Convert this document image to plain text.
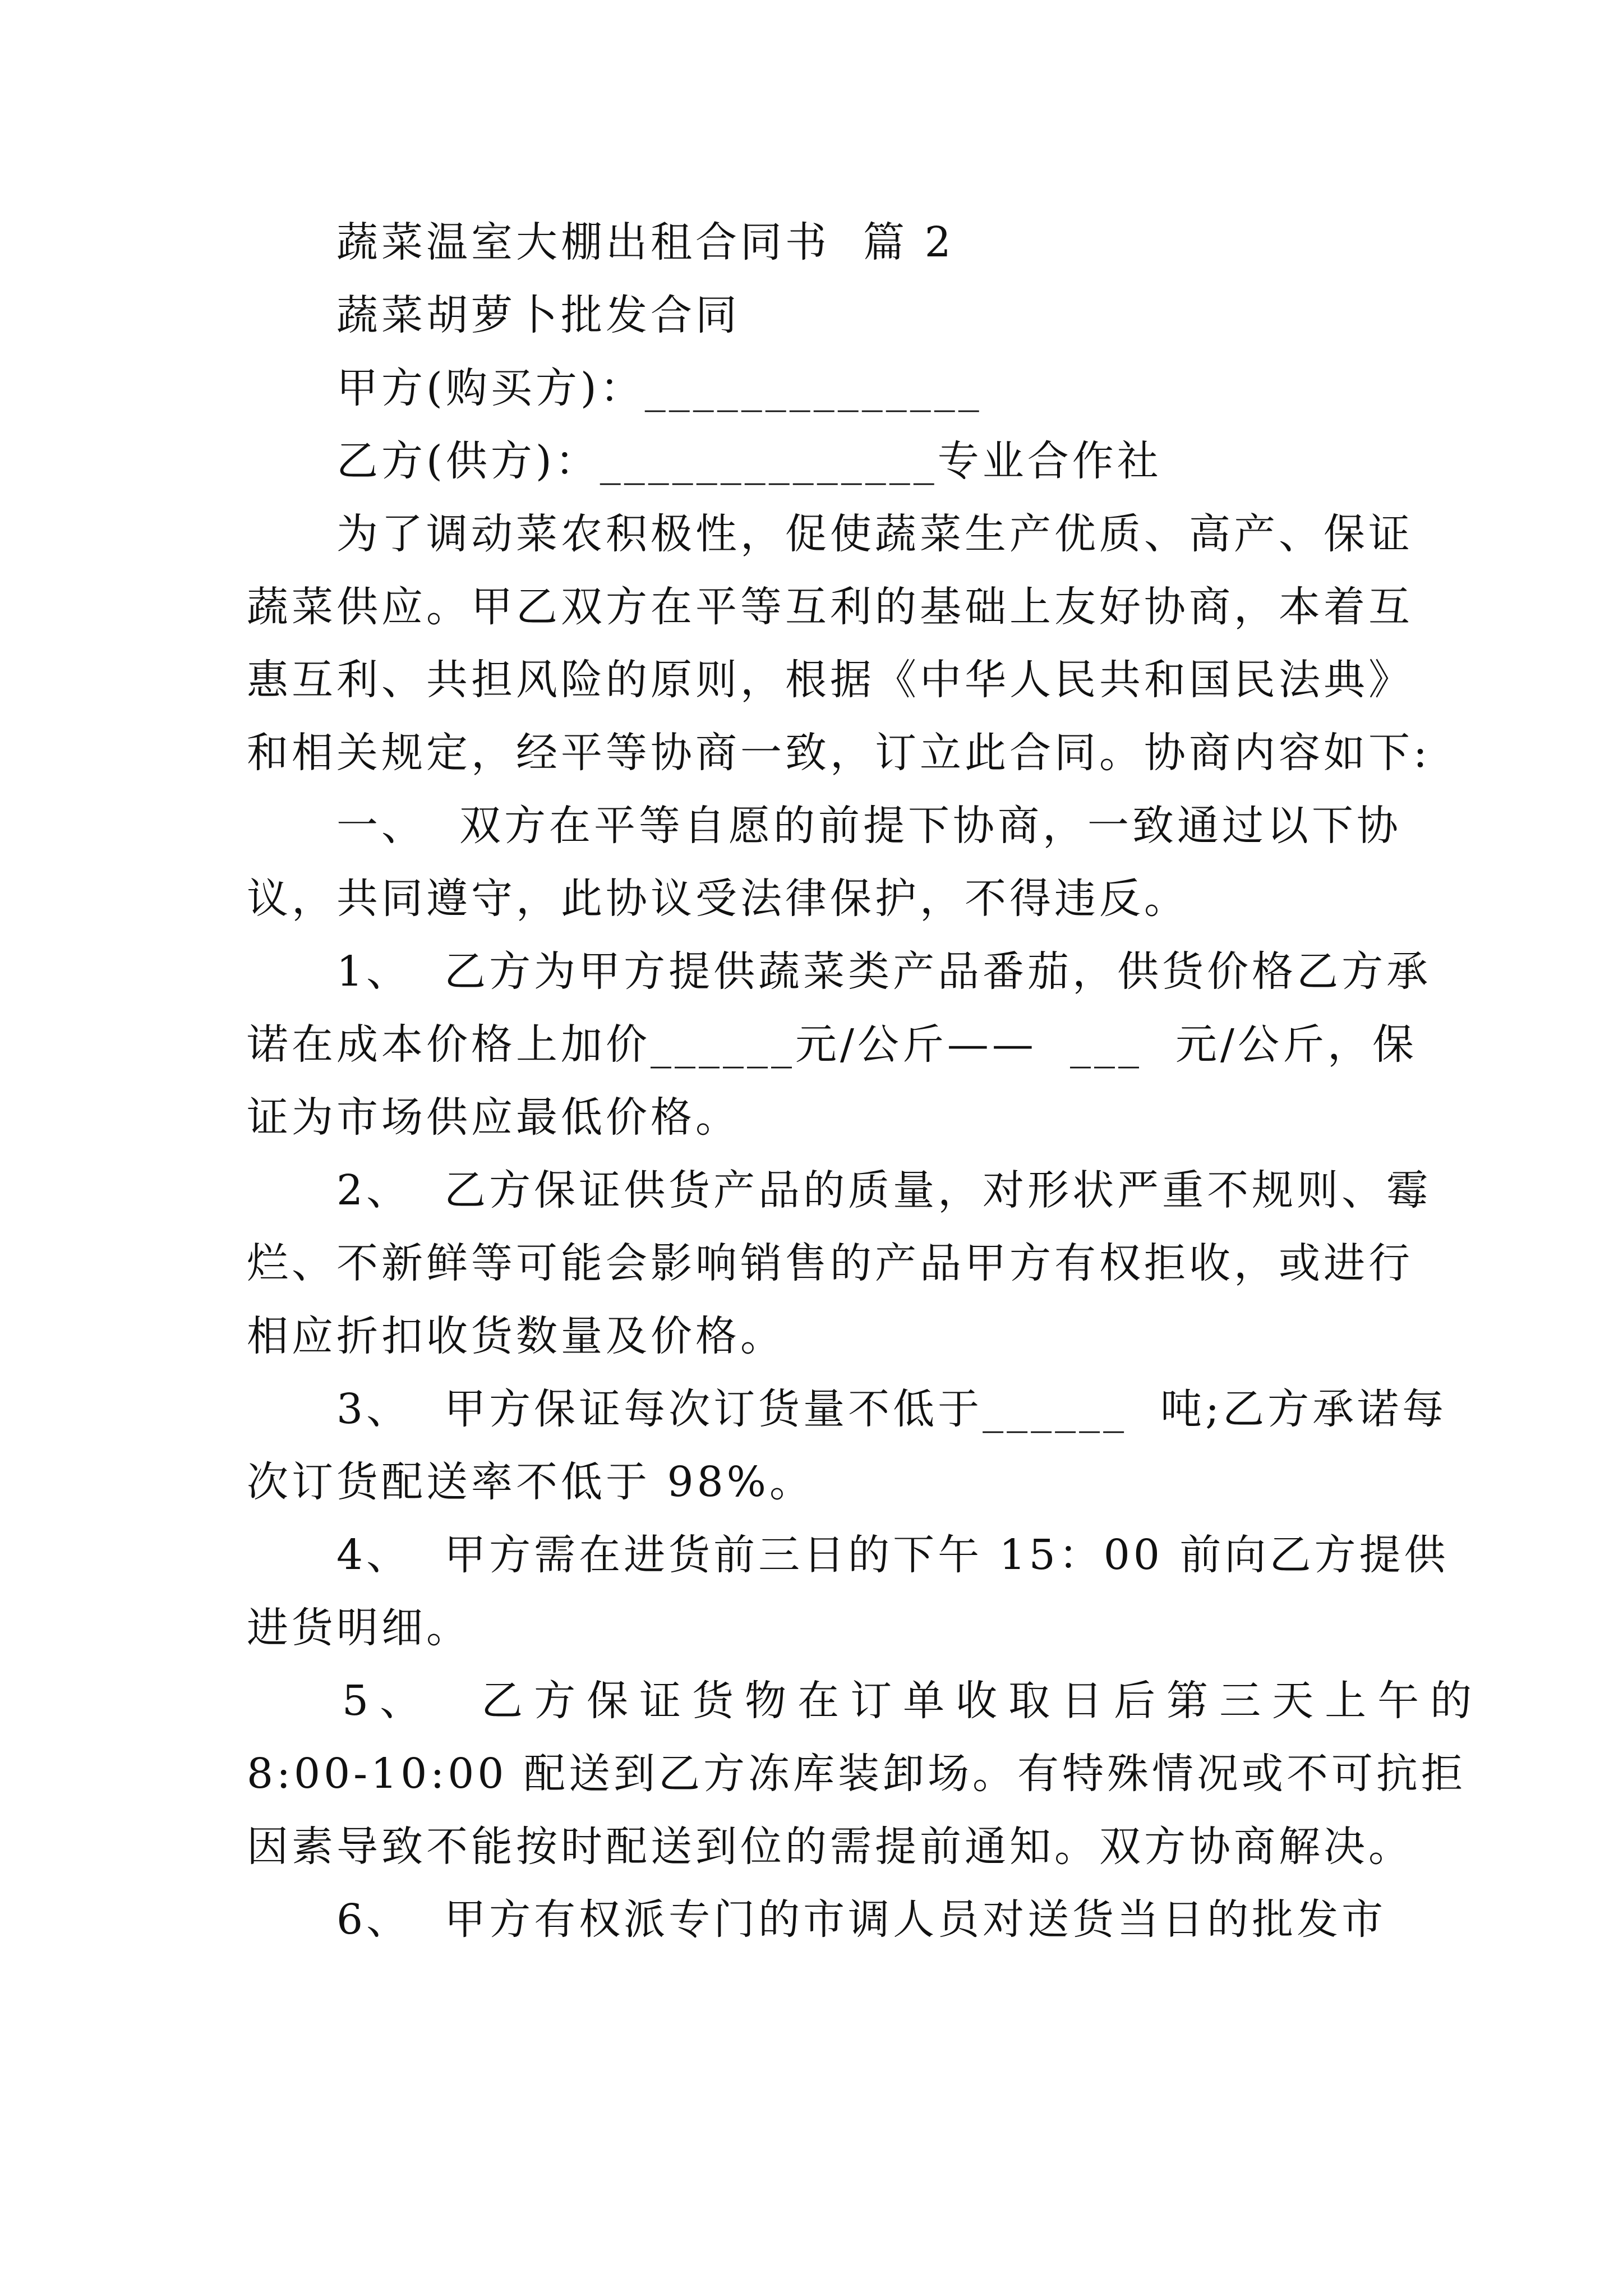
蔬菜温室大棚出租合同书  篇 2
蔬菜胡萝卜批发合同
甲方(购买方)：______________
乙方(供方)：______________专业合作社
为了调动菜农积极性，促使蔬菜生产优质、高产、保证
蔬菜供应。甲乙双方在平等互利的基础上友好协商，本着互
惠互利、共担风险的原则，根据《中华人民共和国民法典》
和相关规定，经平等协商一致，订立此合同。协商内容如下:
一、  双方在平等自愿的前提下协商，一致通过以下协
议，共同遵守，此协议受法律保护，不得违反。
1、  乙方为甲方提供蔬菜类产品番茄，供货价格乙方承
诺在成本价格上加价______元/公斤——  ___  元/公斤，保
证为市场供应最低价格。
2、  乙方保证供货产品的质量，对形状严重不规则、霉
烂、不新鲜等可能会影响销售的产品甲方有权拒收，或进行
相应折扣收货数量及价格。
3、  甲方保证每次订货量不低于______  吨;乙方承诺每
次订货配送率不低于 98%。
4、  甲方需在进货前三日的下午 15：00 前向乙方提供
进货明细。
5、  乙方保证货物在订单收取日后第三天上午的
8:00-10:00 配送到乙方冻库装卸场。有特殊情况或不可抗拒
因素导致不能按时配送到位的需提前通知。双方协商解决。
6、  甲方有权派专门的市调人员对送货当日的批发市
